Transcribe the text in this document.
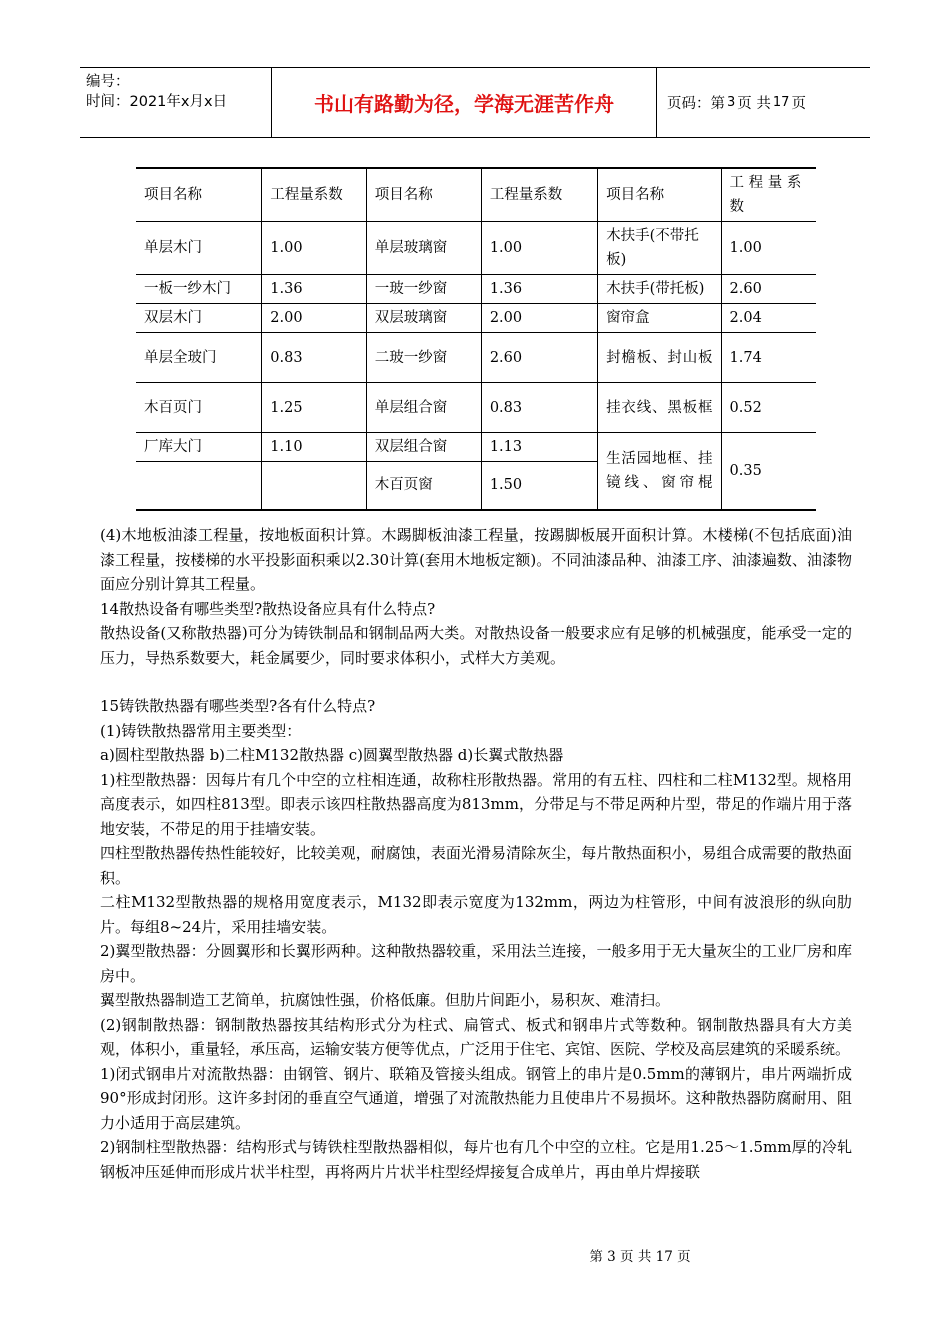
编号：
时间：2021年x月x日	书山有路勤为径，学海无涯苦作舟	页码：第 3 页 共 17 页
项目名称	工程量系数	项目名称	工程量系数	项目名称	工 程 量 系 数
单层木门	1.00	单层玻璃窗	1.00	木扶手(不带托板)	1.00
一板一纱木门	1.36	一玻一纱窗	1.36	木扶手(带托板)	2.60
双层木门	2.00	双层玻璃窗	2.00	窗帘盒	2.04
单层全玻门	0.83	二玻一纱窗	2.60	封檐板、封山板	1.74
木百页门	1.25	单层组合窗	0.83	挂衣线、黑板框	0.52
厂库大门	1.10	双层组合窗	1.13	生活园地框、挂镜线、窗帘棍	0.35
		木百页窗	1.50		

(4)木地板油漆工程量，按地板面积计算。木踢脚板油漆工程量，按踢脚板展开面积计算。木楼梯(不包括底面)油漆工程量，按楼梯的水平投影面积乘以2.30计算(套用木地板定额)。不同油漆品种、油漆工序、油漆遍数、油漆物面应分别计算其工程量。

14散热设备有哪些类型?散热设备应具有什么特点?

散热设备(又称散热器)可分为铸铁制品和钢制品两大类。对散热设备一般要求应有足够的机械强度，能承受一定的压力，导热系数要大，耗金属要少，同时要求体积小，式样大方美观。

15铸铁散热器有哪些类型?各有什么特点?

(1)铸铁散热器常用主要类型：

a)圆柱型散热器 b)二柱M132散热器 c)圆翼型散热器 d)长翼式散热器

1)柱型散热器：因每片有几个中空的立柱相连通，故称柱形散热器。常用的有五柱、四柱和二柱M132型。规格用高度表示，如四柱813型。即表示该四柱散热器高度为813mm，分带足与不带足两种片型，带足的作端片用于落地安装，不带足的用于挂墙安装。

四柱型散热器传热性能较好，比较美观，耐腐蚀，表面光滑易清除灰尘，每片散热面积小，易组合成需要的散热面积。

二柱M132型散热器的规格用宽度表示，M132即表示宽度为132mm，两边为柱管形，中间有波浪形的纵向肋片。每组8~24片，采用挂墙安装。

2)翼型散热器：分圆翼形和长翼形两种。这种散热器较重，采用法兰连接，一般多用于无大量灰尘的工业厂房和库房中。

翼型散热器制造工艺简单，抗腐蚀性强，价格低廉。但肋片间距小，易积灰、难清扫。

(2)钢制散热器：钢制散热器按其结构形式分为柱式、扁管式、板式和钢串片式等数种。钢制散热器具有大方美观，体积小，重量轻，承压高，运输安装方便等优点，广泛用于住宅、宾馆、医院、学校及高层建筑的采暖系统。

1)闭式钢串片对流散热器：由钢管、钢片、联箱及管接头组成。钢管上的串片是0.5mm的薄钢片，串片两端折成90°形成封闭形。这许多封闭的垂直空气通道，增强了对流散热能力且使串片不易损坏。这种散热器防腐耐用、阻力小适用于高层建筑。

2)钢制柱型散热器：结构形式与铸铁柱型散热器相似，每片也有几个中空的立柱。它是用1.25～1.5mm厚的冷轧钢板冲压延伸而形成片状半柱型，再将两片片状半柱型经焊接复合成单片，再由单片焊接联

第 3 页 共 17 页
